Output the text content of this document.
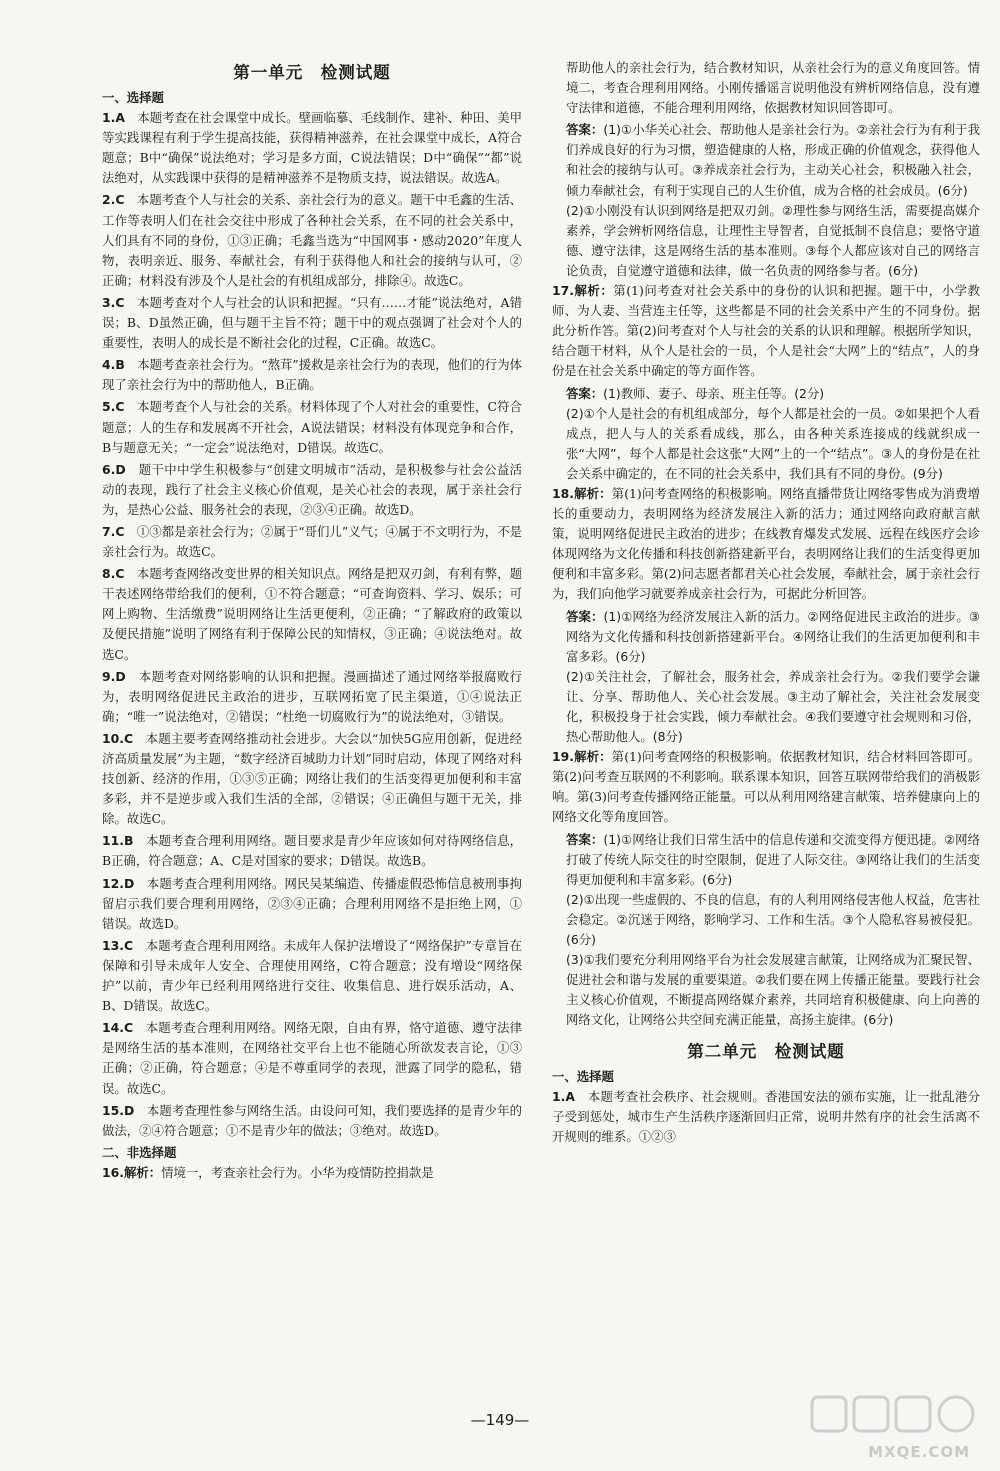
第一单元　检测试题

一、选择题

1.A　 本题考查在社会课堂中成长。壁画临摹、毛线制作、建补、种田、美甲等实践课程有利于学生提高技能，获得精神滋养，在社会课堂中成长，A符合题意；B中“确保”说法绝对；学习是多方面，C说法错误；D中“确保”“都”说法绝对，从实践课中获得的是精神滋养不是物质支持，说法错误。故选A。

2.C　 本题考查个人与社会的关系、亲社会行为的意义。题干中毛鑫的生活、工作等表明人们在社会交往中形成了各种社会关系，在不同的社会关系中，人们具有不同的身份，①③正确；毛鑫当选为“中国网事・感动2020”年度人物，表明亲近、服务、奉献社会，有利于获得他人和社会的接纳与认可，②正确；材料没有涉及个人是社会的有机组成部分，排除④。故选C。

3.C　 本题考查对个人与社会的认识和把握。“只有……才能”说法绝对，A错误；B、D虽然正确，但与题干主旨不符；题干中的观点强调了社会对个人的重要性，表明人的成长是不断社会化的过程，C正确。故选C。

4.B　 本题考查亲社会行为。“熬茸”援救是亲社会行为的表现，他们的行为体现了亲社会行为中的帮助他人，B正确。

5.C　 本题考查个人与社会的关系。材料体现了个人对社会的重要性，C符合题意；人的生存和发展离不开社会，A说法错误；材料没有体现竞争和合作，B与题意无关；“一定会”说法绝对，D错误。故选C。

6.D　 题干中中学生积极参与“创建文明城市”活动，是积极参与社会公益活动的表现，践行了社会主义核心价值观，是关心社会的表现，属于亲社会行为，是热心公益、服务社会的表现，②③④正确。故选D。

7.C　 ①③都是亲社会行为；②属于“哥们儿”义气；④属于不文明行为，不是亲社会行为。故选C。

8.C　 本题考查网络改变世界的相关知识点。网络是把双刃剑，有利有弊，题干表述网络带给我们的便利，①不符合题意；“可查询资料、学习、娱乐；可网上购物、生活缴费”说明网络让生活更便利，②正确；“了解政府的政策以及便民措施”说明了网络有利于保障公民的知情权，③正确；④说法绝对。故选C。

9.D　 本题考查对网络影响的认识和把握。漫画描述了通过网络举报腐败行为，表明网络促进民主政治的进步，互联网拓宽了民主渠道，①④说法正确；“唯一”说法绝对，②错误；“杜绝一切腐败行为”的说法绝对，③错误。

10.C　 本题主要考查网络推动社会进步。大会以“加快5G应用创新，促进经济高质量发展”为主题，“数字经济百城助力计划”同时启动，体现了网络对科技创新、经济的作用，①③⑤正确；网络让我们的生活变得更加便利和丰富多彩，并不是逆步或入我们生活的全部，②错误；④正确但与题干无关，排除。故选C。

11.B　 本题考查合理利用网络。题目要求是青少年应该如何对待网络信息，B正确，符合题意；A、C是对国家的要求；D错误。故选B。

12.D　 本题考查合理利用网络。网民吴某编造、传播虚假恐怖信息被刑事拘留启示我们要合理利用网络，②③④正确；合理利用网络不是拒绝上网，①错误。故选D。

13.C　 本题考查合理利用网络。未成年人保护法增设了“网络保护”专章旨在保障和引导未成年人安全、合理使用网络，C符合题意；没有增设“网络保护”以前，青少年已经利用网络进行交往、收集信息、进行娱乐活动，A、B、D错误。故选C。

14.C　 本题考查合理利用网络。网络无限，自由有界，恪守道德、遵守法律是网络生活的基本准则，在网络社交平台上也不能随心所欲发表言论，①③正确；②正确，符合题意；④是不尊重同学的表现，泄露了同学的隐私，错误。故选C。

15.D　 本题考查理性参与网络生活。由设问可知，我们要选择的是青少年的做法，②④符合题意；①不是青少年的做法；③绝对。故选D。

二、非选择题

16.解析：情境一，考查亲社会行为。小华为疫情防控捐款是

帮助他人的亲社会行为，结合教材知识，从亲社会行为的意义角度回答。情境二，考查合理利用网络。小刚传播谣言说明他没有辨析网络信息，没有遵守法律和道德，不能合理利用网络，依据教材知识回答即可。

答案：(1)①小华关心社会、帮助他人是亲社会行为。②亲社会行为有利于我们养成良好的行为习惯，塑造健康的人格，形成正确的价值观念，获得他人和社会的接纳与认可。③养成亲社会行为，主动关心社会，积极融入社会，倾力奉献社会，有利于实现自己的人生价值，成为合格的社会成员。(6分)

(2)①小刚没有认识到网络是把双刃剑。②理性参与网络生活，需要提高媒介素养，学会辨析网络信息，让理性主导智者，自觉抵制不良信息；要恪守道德、遵守法律，这是网络生活的基本准则。③每个人都应该对自己的网络言论负责，自觉遵守道德和法律，做一名负责的网络参与者。(6分)

17.解析：第(1)问考查对社会关系中的身份的认识和把握。题干中，小学教师、为人妻、当营连主任等，这些都是不同的社会关系中产生的不同身份。据此分析作答。第(2)问考查对个人与社会的关系的认识和理解。根据所学知识，结合题干材料，从个人是社会的一员，个人是社会“大网”上的“结点”，人的身份是在社会关系中确定的等方面作答。

答案：(1)教师、妻子、母亲、班主任等。(2分)

(2)①个人是社会的有机组成部分，每个人都是社会的一员。②如果把个人看成点，把人与人的关系看成线，那么，由各种关系连接成的线就织成一张“大网”，每个人都是社会这张“大网”上的一个“结点”。③人的身份是在社会关系中确定的，在不同的社会关系中，我们具有不同的身份。(9分)

18.解析：第(1)问考查网络的积极影响。网络直播带货让网络零售成为消费增长的重要动力，表明网络为经济发展注入新的活力；通过网络向政府献言献策，说明网络促进民主政治的进步；在线教育爆发式发展、远程在线医疗会诊体现网络为文化传播和科技创新搭建新平台，表明网络让我们的生活变得更加便利和丰富多彩。第(2)问志愿者都君关心社会发展，奉献社会，属于亲社会行为，我们向他学习就要养成亲社会行为，可据此分析回答。

答案：(1)①网络为经济发展注入新的活力。②网络促进民主政治的进步。③网络为文化传播和科技创新搭建新平台。④网络让我们的生活更加便利和丰富多彩。(6分)

(2)①关注社会，了解社会，服务社会，养成亲社会行为。②我们要学会谦让、分享、帮助他人、关心社会发展。③主动了解社会，关注社会发展变化，积极投身于社会实践，倾力奉献社会。④我们要遵守社会规则和习俗，热心帮助他人。(8分)

19.解析：第(1)问考查网络的积极影响。依据教材知识，结合材料回答即可。第(2)问考查互联网的不利影响。联系课本知识，回答互联网带给我们的消极影响。第(3)问考查传播网络正能量。可以从利用网络建言献策、培养健康向上的网络文化等角度回答。

答案：(1)①网络让我们日常生活中的信息传递和交流变得方便迅捷。②网络打破了传统人际交往的时空限制，促进了人际交往。③网络让我们的生活变得更加便利和丰富多彩。(6分)

(2)①出现一些虚假的、不良的信息，有的人利用网络侵害他人权益，危害社会稳定。②沉迷于网络，影响学习、工作和生活。③个人隐私容易被侵犯。(6分)

(3)①我们要充分利用网络平台为社会发展建言献策，让网络成为汇聚民智、促进社会和谐与发展的重要渠道。②我们要在网上传播正能量。要践行社会主义核心价值观，不断提高网络媒介素养，共同培育积极健康、向上向善的网络文化，让网络公共空间充满正能量，高扬主旋律。(6分)

第二单元　检测试题

一、选择题

1.A　 本题考查社会秩序、社会规则。香港国安法的颁布实施，让一批乱港分子受到惩处，城市生产生活秩序逐渐回归正常，说明井然有序的社会生活离不开规则的维系。①②③

—149—
MXQE.COM
